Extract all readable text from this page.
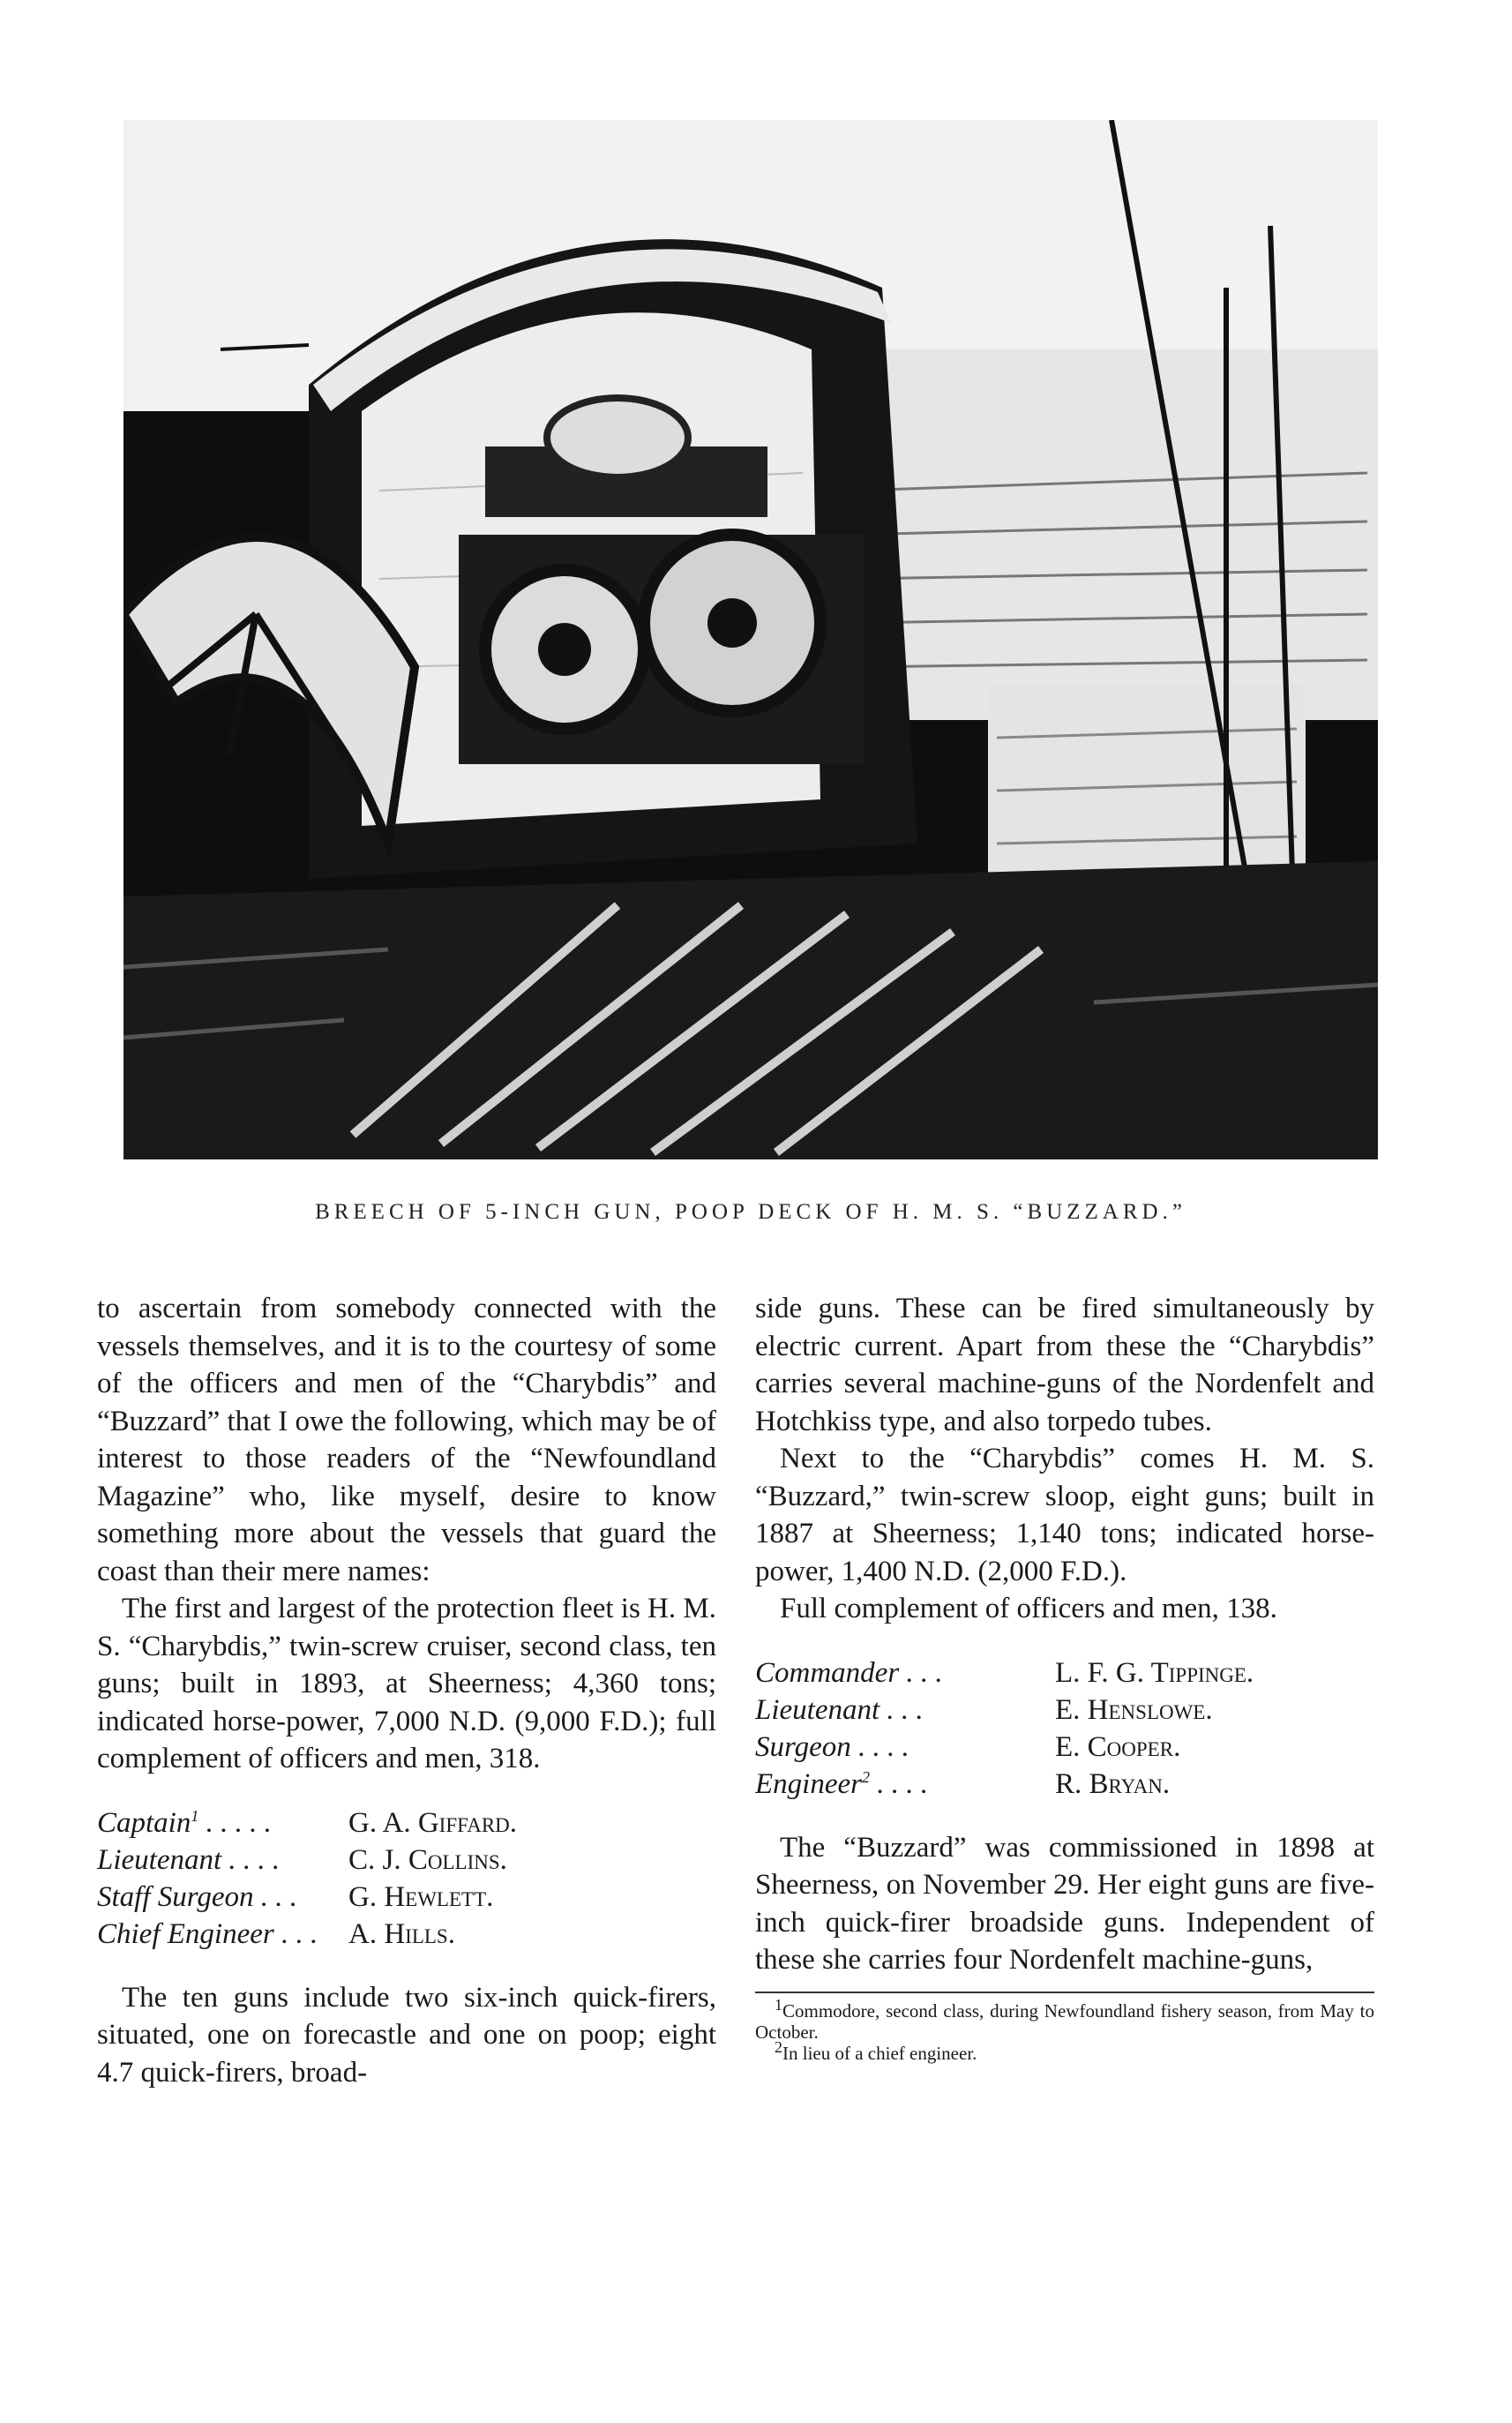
BREECH OF 5-INCH GUN, POOP DECK OF H. M. S. “BUZZARD.”

to ascertain from somebody connected with the vessels themselves, and it is to the courtesy of some of the officers and men of the “Charybdis” and “Buzzard” that I owe the following, which may be of interest to those readers of the “Newfoundland Magazine” who, like myself, desire to know something more about the vessels that guard the coast than their mere names:

The first and largest of the protection fleet is H. M. S. “Charybdis,” twin-screw cruiser, second class, ten guns; built in 1893, at Sheerness; 4,360 tons; indicated horse-power, 7,000 N.D. (9,000 F.D.); full complement of officers and men, 318.

Captain$^1$ . . . . .	G. A. Giffard.
Lieutenant . . . .	C. J. Collins.
Staff Surgeon . . .	G. Hewlett.
Chief Engineer . . .	A. Hills.

The ten guns include two six-inch quick-firers, situated, one on forecastle and one on poop; eight 4.7 quick-firers, broad-

side guns. These can be fired simultaneously by electric current. Apart from these the “Charybdis” carries several machine-guns of the Nordenfelt and Hotchkiss type, and also torpedo tubes.

Next to the “Charybdis” comes H. M. S. “Buzzard,” twin-screw sloop, eight guns; built in 1887 at Sheerness; 1,140 tons; indicated horse-power, 1,400 N.D. (2,000 F.D.).

Full complement of officers and men, 138.

Commander . . .	L. F. G. Tippinge.
Lieutenant . . .	E. Henslowe.
Surgeon . . . .	E. Cooper.
Engineer$^2$ . . . .	R. Bryan.

The “Buzzard” was commissioned in 1898 at Sheerness, on November 29. Her eight guns are five-inch quick-firer broadside guns. Independent of these she carries four Nordenfelt machine-guns,

$^1$Commodore, second class, during Newfoundland fishery season, from May to October.
$^2$In lieu of a chief engineer.
